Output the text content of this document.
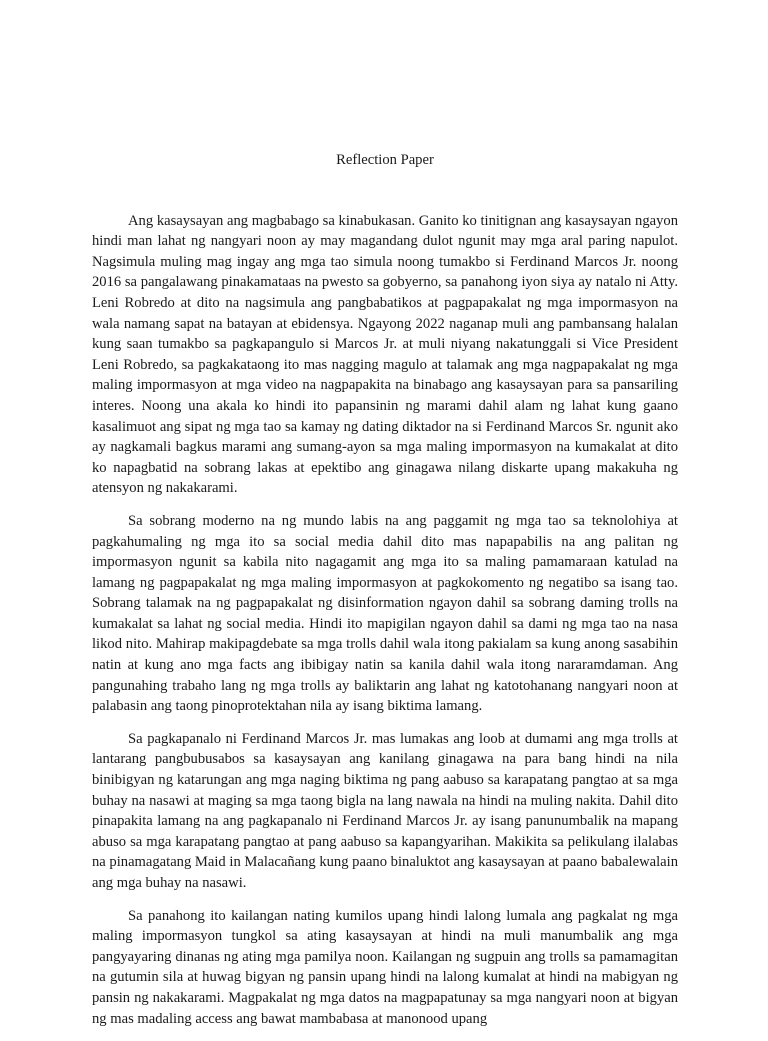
Reflection Paper

Ang kasaysayan ang magbabago sa kinabukasan. Ganito ko tinitignan ang kasaysayan ngayon hindi man lahat ng nangyari noon ay may magandang dulot ngunit may mga aral paring napulot. Nagsimula muling mag ingay ang mga tao simula noong tumakbo si Ferdinand Marcos Jr. noong 2016 sa pangalawang pinakamataas na pwesto sa gobyerno, sa panahong iyon siya ay natalo ni Atty. Leni Robredo at dito na nagsimula ang pangbabatikos at pagpapakalat ng mga impormasyon na wala namang sapat na batayan at ebidensya. Ngayong 2022 naganap muli ang pambansang halalan kung saan tumakbo sa pagkapangulo si Marcos Jr. at muli niyang nakatunggali si Vice President Leni Robredo, sa pagkakataong ito mas nagging magulo at talamak ang mga nagpapakalat ng mga maling impormasyon at mga video na nagpapakita na binabago ang kasaysayan para sa pansariling interes. Noong una akala ko hindi ito papansinin ng marami dahil alam ng lahat kung gaano kasalimuot ang sipat ng mga tao sa kamay ng dating diktador na si Ferdinand Marcos Sr. ngunit ako ay nagkamali bagkus marami ang sumang-ayon sa mga maling impormasyon na kumakalat at dito ko napagbatid na sobrang lakas at epektibo ang ginagawa nilang diskarte upang makakuha ng atensyon ng nakakarami.

Sa sobrang moderno na ng mundo labis na ang paggamit ng mga tao sa teknolohiya at pagkahumaling ng mga ito sa social media dahil dito mas napapabilis na ang palitan ng impormasyon ngunit sa kabila nito nagagamit ang mga ito sa maling pamamaraan katulad na lamang ng pagpapakalat ng mga maling impormasyon at pagkokomento ng negatibo sa isang tao. Sobrang talamak na ng pagpapakalat ng disinformation ngayon dahil sa sobrang daming trolls na kumakalat sa lahat ng social media. Hindi ito mapigilan ngayon dahil sa dami ng mga tao na nasa likod nito. Mahirap makipagdebate sa mga trolls dahil wala itong pakialam sa kung anong sasabihin natin at kung ano mga facts ang ibibigay natin sa kanila dahil wala itong nararamdaman. Ang pangunahing trabaho lang ng mga trolls ay baliktarin ang lahat ng katotohanang nangyari noon at palabasin ang taong pinoprotektahan nila ay isang biktima lamang.

Sa pagkapanalo ni Ferdinand Marcos Jr. mas lumakas ang loob at dumami ang mga trolls at lantarang pangbubusabos sa kasaysayan ang kanilang ginagawa na para bang hindi na nila binibigyan ng katarungan ang mga naging biktima ng pang aabuso sa karapatang pangtao at sa mga buhay na nasawi at maging sa mga taong bigla na lang nawala na hindi na muling nakita. Dahil dito pinapakita lamang na ang pagkapanalo ni Ferdinand Marcos Jr. ay isang panunumbalik na mapang abuso sa mga karapatang pangtao at pang aabuso sa kapangyarihan. Makikita sa pelikulang ilalabas na pinamagatang Maid in Malacañang kung paano binaluktot ang kasaysayan at paano babalewalain ang mga buhay na nasawi.

Sa panahong ito kailangan nating kumilos upang hindi lalong lumala ang pagkalat ng mga maling impormasyon tungkol sa ating kasaysayan at hindi na muli manumbalik ang mga pangyayaring dinanas ng ating mga pamilya noon. Kailangan ng sugpuin ang trolls sa pamamagitan na gutumin sila at huwag bigyan ng pansin upang hindi na lalong kumalat at hindi na mabigyan ng pansin ng nakakarami. Magpakalat ng mga datos na magpapatunay sa mga nangyari noon at bigyan ng mas madaling access ang bawat mambabasa at manonood upang
